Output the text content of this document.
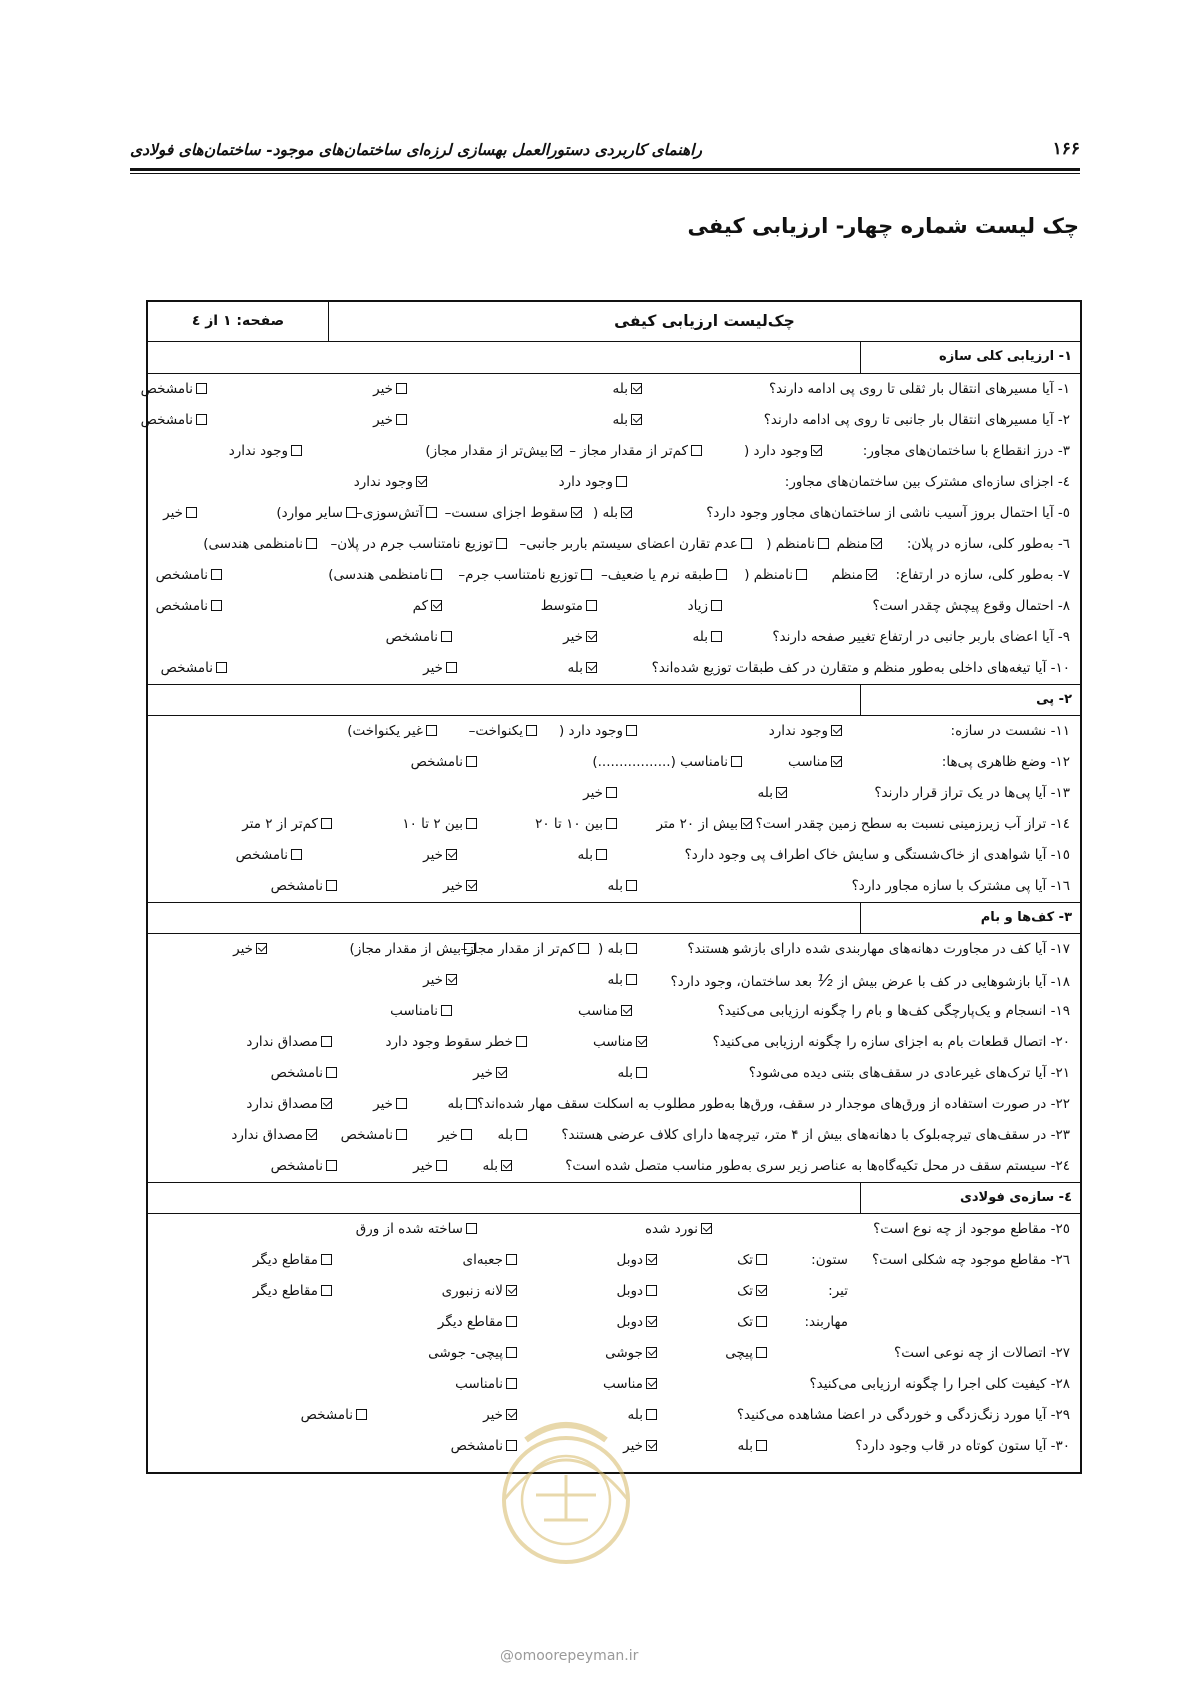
۱۶۶
راهنمای کاربردی دستورالعمل بهسازی لرزه‌ای ساختمان‌های موجود- ساختمان‌های فولادی
چک لیست شماره چهار- ارزیابی کیفی
چک‌لیست ارزیابی کیفی
صفحه: ۱ از ٤
۱- ارزیابی کلی سازه
۱- آیا مسیرهای انتقال بار ثقلی تا روی پی ادامه دارند؟
بله
خیر
نامشخص
۲- آیا مسیرهای انتقال بار جانبی تا روی پی ادامه دارند؟
بله
خیر
نامشخص
۳- درز انقطاع با ساختمان‌های مجاور:
وجود دارد (
کم‌تر از مقدار مجاز –
بیش‌تر از مقدار مجاز)
وجود ندارد
٤- اجزای سازه‌ای مشترک بین ساختمان‌های مجاور:
وجود دارد
وجود ندارد
٥- آیا احتمال بروز آسیب ناشی از ساختمان‌های مجاور وجود دارد؟
بله (
سقوط اجزای سست–
آتش‌سوزی–
سایر موارد)
خیر
٦- به‌طور کلی، سازه در پلان:
منظم
نامنظم (
عدم تقارن اعضای سیستم باربر جانبی–
توزیع نامتناسب جرم در پلان–
نامنظمی هندسی)
٧- به‌طور کلی، سازه در ارتفاع:
منظم
نامنظم (
طبقه نرم یا ضعیف–
توزیع نامتناسب جرم–
نامنظمی هندسی)
نامشخص
٨- احتمال وقوع پیچش چقدر است؟
زیاد
متوسط
کم
نامشخص
٩- آیا اعضای باربر جانبی در ارتفاع تغییر صفحه دارند؟
بله
خیر
نامشخص
۱۰- آیا تیغه‌های داخلی به‌طور منظم و متقارن در کف طبقات توزیع شده‌اند؟
بله
خیر
نامشخص
۲- پی
۱۱- نشست در سازه:
وجود ندارد
وجود دارد (
یکنواخت–
غیر یکنواخت)
۱۲- وضع ظاهری پی‌ها:
مناسب
نامناسب (.................)
نامشخص
۱۳- آیا پی‌ها در یک تراز قرار دارند؟
بله
خیر
۱٤- تراز آب زیرزمینی نسبت به سطح زمین چقدر است؟
بیش از ۲۰ متر
بین ۱۰ تا ۲۰
بین ۲ تا ۱۰
کم‌تر از ۲ متر
۱٥- آیا شواهدی از خاک‌شستگی و سایش خاک اطراف پی وجود دارد؟
بله
خیر
نامشخص
۱٦- آیا پی مشترک با سازه مجاور دارد؟
بله
خیر
نامشخص
۳- کف‌ها و بام
۱٧- آیا کف در مجاورت دهانه‌های مهاربندی شده دارای بازشو هستند؟
بله (
کم‌تر از مقدار مجاز–
بیش از مقدار مجاز)
خیر
۱٨- آیا بازشوهایی در کف با عرض بیش از ½ بعد ساختمان، وجود دارد؟
بله
خیر
۱٩- انسجام و یک‌پارچگی کف‌ها و بام را چگونه ارزیابی می‌کنید؟
مناسب
نامناسب
۲۰- اتصال قطعات بام به اجزای سازه را چگونه ارزیابی می‌کنید؟
مناسب
خطر سقوط وجود دارد
مصداق ندارد
۲۱- آیا ترک‌های غیرعادی در سقف‌های بتنی دیده می‌شود؟
بله
خیر
نامشخص
۲۲- در صورت استفاده از ورق‌های موجدار در سقف، ورق‌ها به‌طور مطلوب به اسکلت سقف مهار شده‌اند؟
بله
خیر
مصداق ندارد
۲۳- در سقف‌های تیرچه‌بلوک با دهانه‌های بیش از ۴ متر، تیرچه‌ها دارای کلاف عرضی هستند؟
بله
خیر
نامشخص
مصداق ندارد
۲٤- سیستم سقف در محل تکیه‌گاه‌ها به عناصر زیر سری به‌طور مناسب متصل شده است؟
بله
خیر
نامشخص
٤- سازه‌ی فولادی
۲٥- مقاطع موجود از چه نوع است؟
نورد شده
ساخته شده از ورق
۲٦- مقاطع موجود چه شکلی است؟
ستون:
تک
دوبل
جعبه‌ای
مقاطع دیگر
تیر:
تک
دوبل
لانه زنبوری
مقاطع دیگر
مهاربند:
تک
دوبل
مقاطع دیگر
۲٧- اتصالات از چه نوعی است؟
پیچی
جوشی
پیچی- جوشی
۲٨- کیفیت کلی اجرا را چگونه ارزیابی می‌کنید؟
مناسب
نامناسب
۲٩- آیا مورد زنگ‌زدگی و خوردگی در اعضا مشاهده می‌کنید؟
بله
خیر
نامشخص
۳۰- آیا ستون کوتاه در قاب وجود دارد؟
بله
خیر
نامشخص
@omoorepeyman.ir
